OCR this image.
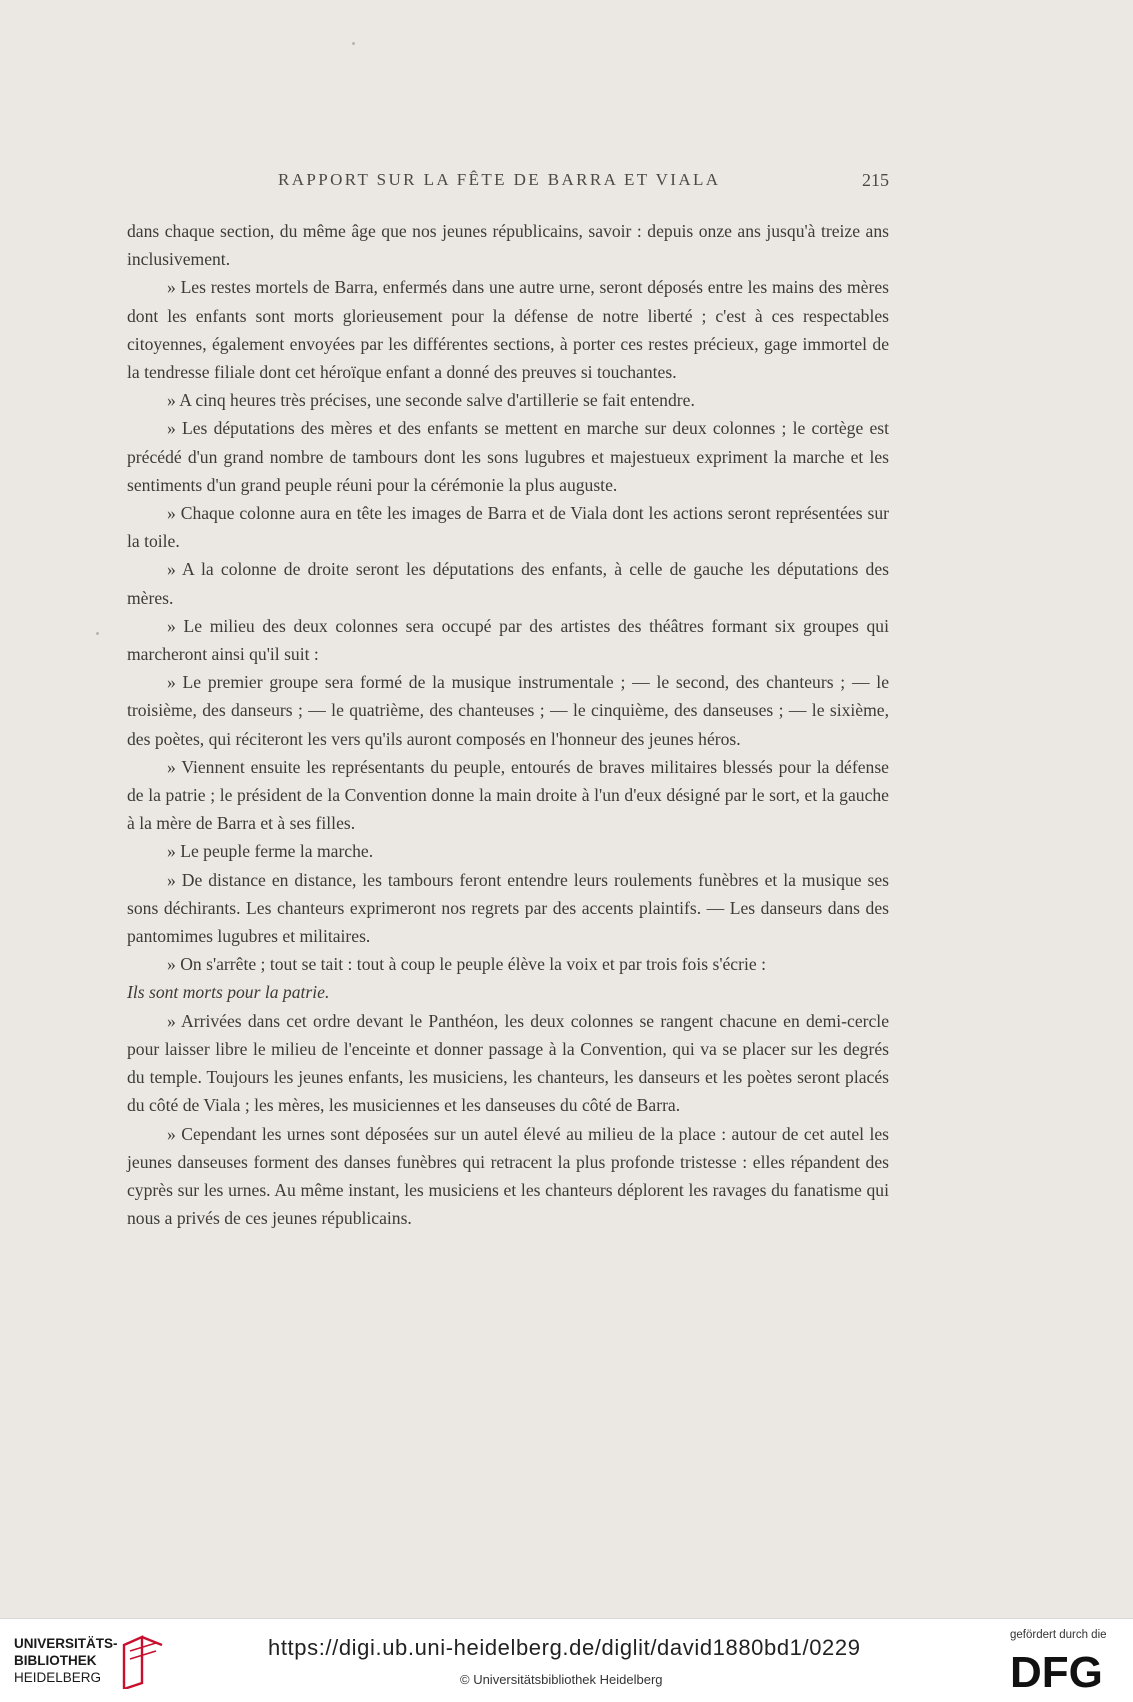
RAPPORT SUR LA FÊTE DE BARRA ET VIALA	215

dans chaque section, du même âge que nos jeunes républicains, savoir : depuis onze ans jusqu'à treize ans inclusivement.

» Les restes mortels de Barra, enfermés dans une autre urne, seront déposés entre les mains des mères dont les enfants sont morts glorieusement pour la défense de notre liberté ; c'est à ces respectables citoyennes, également envoyées par les différentes sections, à porter ces restes précieux, gage immortel de la tendresse filiale dont cet héroïque enfant a donné des preuves si touchantes.

» A cinq heures très précises, une seconde salve d'artillerie se fait entendre.

» Les députations des mères et des enfants se mettent en marche sur deux colonnes ; le cortège est précédé d'un grand nombre de tambours dont les sons lugubres et majestueux expriment la marche et les sentiments d'un grand peuple réuni pour la cérémonie la plus auguste.

» Chaque colonne aura en tête les images de Barra et de Viala dont les actions seront représentées sur la toile.

» A la colonne de droite seront les députations des enfants, à celle de gauche les députations des mères.

» Le milieu des deux colonnes sera occupé par des artistes des théâtres formant six groupes qui marcheront ainsi qu'il suit :

» Le premier groupe sera formé de la musique instrumentale ; — le second, des chanteurs ; — le troisième, des danseurs ; — le quatrième, des chanteuses ; — le cinquième, des danseuses ; — le sixième, des poètes, qui réciteront les vers qu'ils auront composés en l'honneur des jeunes héros.

» Viennent ensuite les représentants du peuple, entourés de braves militaires blessés pour la défense de la patrie ; le président de la Convention donne la main droite à l'un d'eux désigné par le sort, et la gauche à la mère de Barra et à ses filles.

» Le peuple ferme la marche.

» De distance en distance, les tambours feront entendre leurs roulements funèbres et la musique ses sons déchirants. Les chanteurs exprimeront nos regrets par des accents plaintifs. — Les danseurs dans des pantomimes lugubres et militaires.

» On s'arrête ; tout se tait : tout à coup le peuple élève la voix et par trois fois s'écrie :

Ils sont morts pour la patrie.

» Arrivées dans cet ordre devant le Panthéon, les deux colonnes se rangent chacune en demi-cercle pour laisser libre le milieu de l'enceinte et donner passage à la Convention, qui va se placer sur les degrés du temple. Toujours les jeunes enfants, les musiciens, les chanteurs, les danseurs et les poètes seront placés du côté de Viala ; les mères, les musiciennes et les danseuses du côté de Barra.

» Cependant les urnes sont déposées sur un autel élevé au milieu de la place : autour de cet autel les jeunes danseuses forment des danses funèbres qui retracent la plus profonde tristesse : elles répandent des cyprès sur les urnes. Au même instant, les musiciens et les chanteurs déplorent les ravages du fanatisme qui nous a privés de ces jeunes républicains.

UNIVERSITÄTS-
BIBLIOTHEK
HEIDELBERG
https://digi.ub.uni-heidelberg.de/diglit/david1880bd1/0229
© Universitätsbibliothek Heidelberg
gefördert durch die
DFG
